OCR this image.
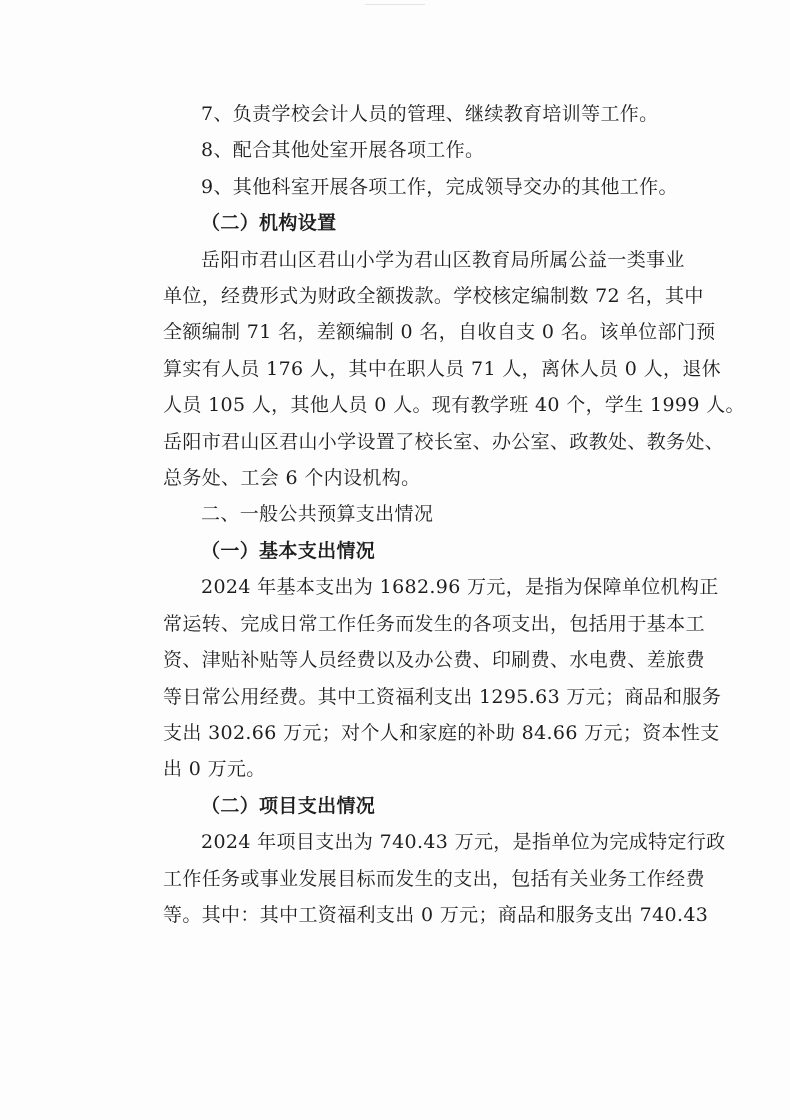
7、负责学校会计人员的管理、继续教育培训等工作。
8、配合其他处室开展各项工作。
9、其他科室开展各项工作，完成领导交办的其他工作。
（二）机构设置
岳阳市君山区君山小学为君山区教育局所属公益一类事业
单位，经费形式为财政全额拨款。学校核定编制数 72 名，其中
全额编制 71 名，差额编制 0 名，自收自支 0 名。该单位部门预
算实有人员 176 人，其中在职人员 71 人，离休人员 0 人，退休
人员 105 人，其他人员 0 人。现有教学班 40 个，学生 1999 人。
岳阳市君山区君山小学设置了校长室、办公室、政教处、教务处、
总务处、工会 6 个内设机构。
二、一般公共预算支出情况
（一）基本支出情况
2024 年基本支出为 1682.96 万元，是指为保障单位机构正
常运转、完成日常工作任务而发生的各项支出，包括用于基本工
资、津贴补贴等人员经费以及办公费、印刷费、水电费、差旅费
等日常公用经费。其中工资福利支出 1295.63 万元；商品和服务
支出 302.66 万元；对个人和家庭的补助 84.66 万元；资本性支
出 0 万元。
（二）项目支出情况
2024 年项目支出为 740.43 万元，是指单位为完成特定行政
工作任务或事业发展目标而发生的支出，包括有关业务工作经费
等。其中：其中工资福利支出 0 万元；商品和服务支出 740.43
